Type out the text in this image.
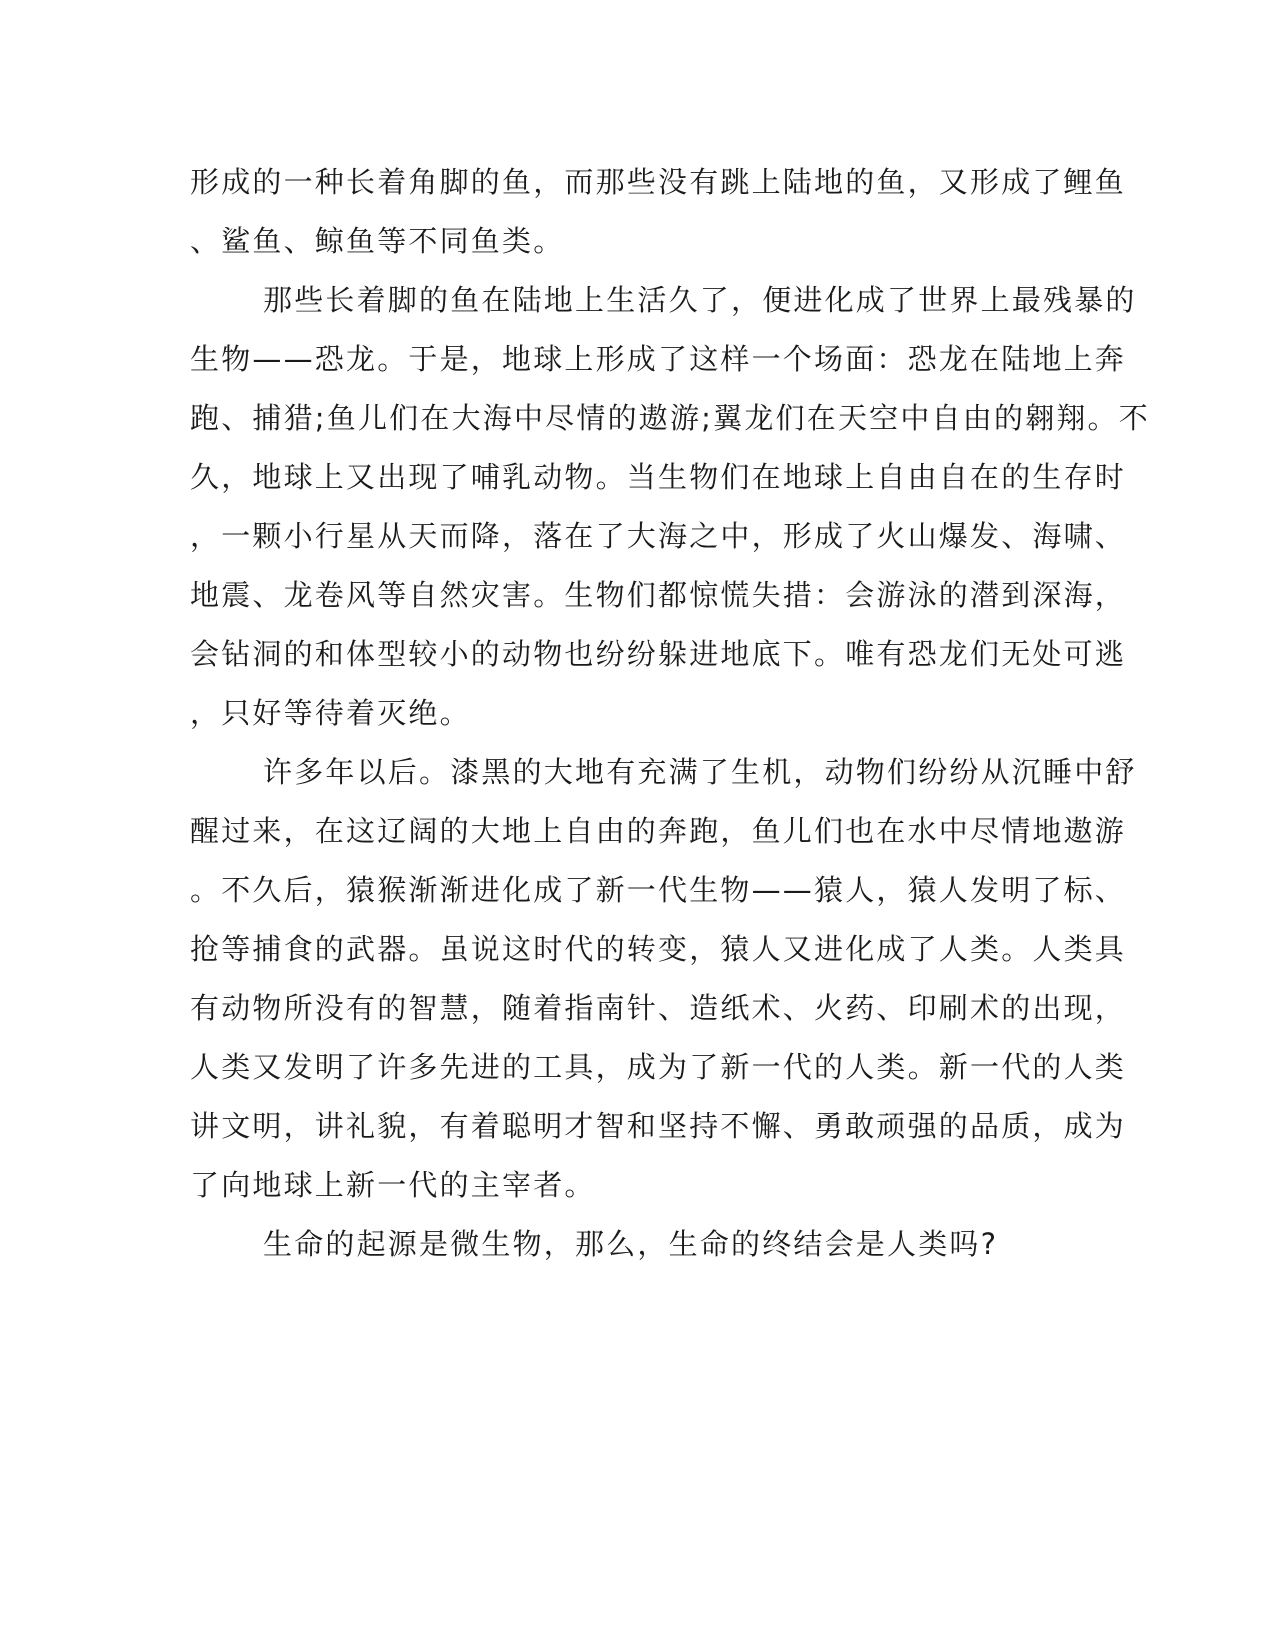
形成的一种长着角脚的鱼，而那些没有跳上陆地的鱼，又形成了鲤鱼
、鲨鱼、鲸鱼等不同鱼类。
那些长着脚的鱼在陆地上生活久了，便进化成了世界上最残暴的
生物——恐龙。于是，地球上形成了这样一个场面：恐龙在陆地上奔
跑、捕猎;鱼儿们在大海中尽情的遨游;翼龙们在天空中自由的翱翔。不
久，地球上又出现了哺乳动物。当生物们在地球上自由自在的生存时
，一颗小行星从天而降，落在了大海之中，形成了火山爆发、海啸、
地震、龙卷风等自然灾害。生物们都惊慌失措：会游泳的潜到深海，
会钻洞的和体型较小的动物也纷纷躲进地底下。唯有恐龙们无处可逃
，只好等待着灭绝。
许多年以后。漆黑的大地有充满了生机，动物们纷纷从沉睡中舒
醒过来，在这辽阔的大地上自由的奔跑，鱼儿们也在水中尽情地遨游
。不久后，猿猴渐渐进化成了新一代生物——猿人，猿人发明了标、
抢等捕食的武器。虽说这时代的转变，猿人又进化成了人类。人类具
有动物所没有的智慧，随着指南针、造纸术、火药、印刷术的出现，
人类又发明了许多先进的工具，成为了新一代的人类。新一代的人类
讲文明，讲礼貌，有着聪明才智和坚持不懈、勇敢顽强的品质，成为
了向地球上新一代的主宰者。
生命的起源是微生物，那么，生命的终结会是人类吗?
